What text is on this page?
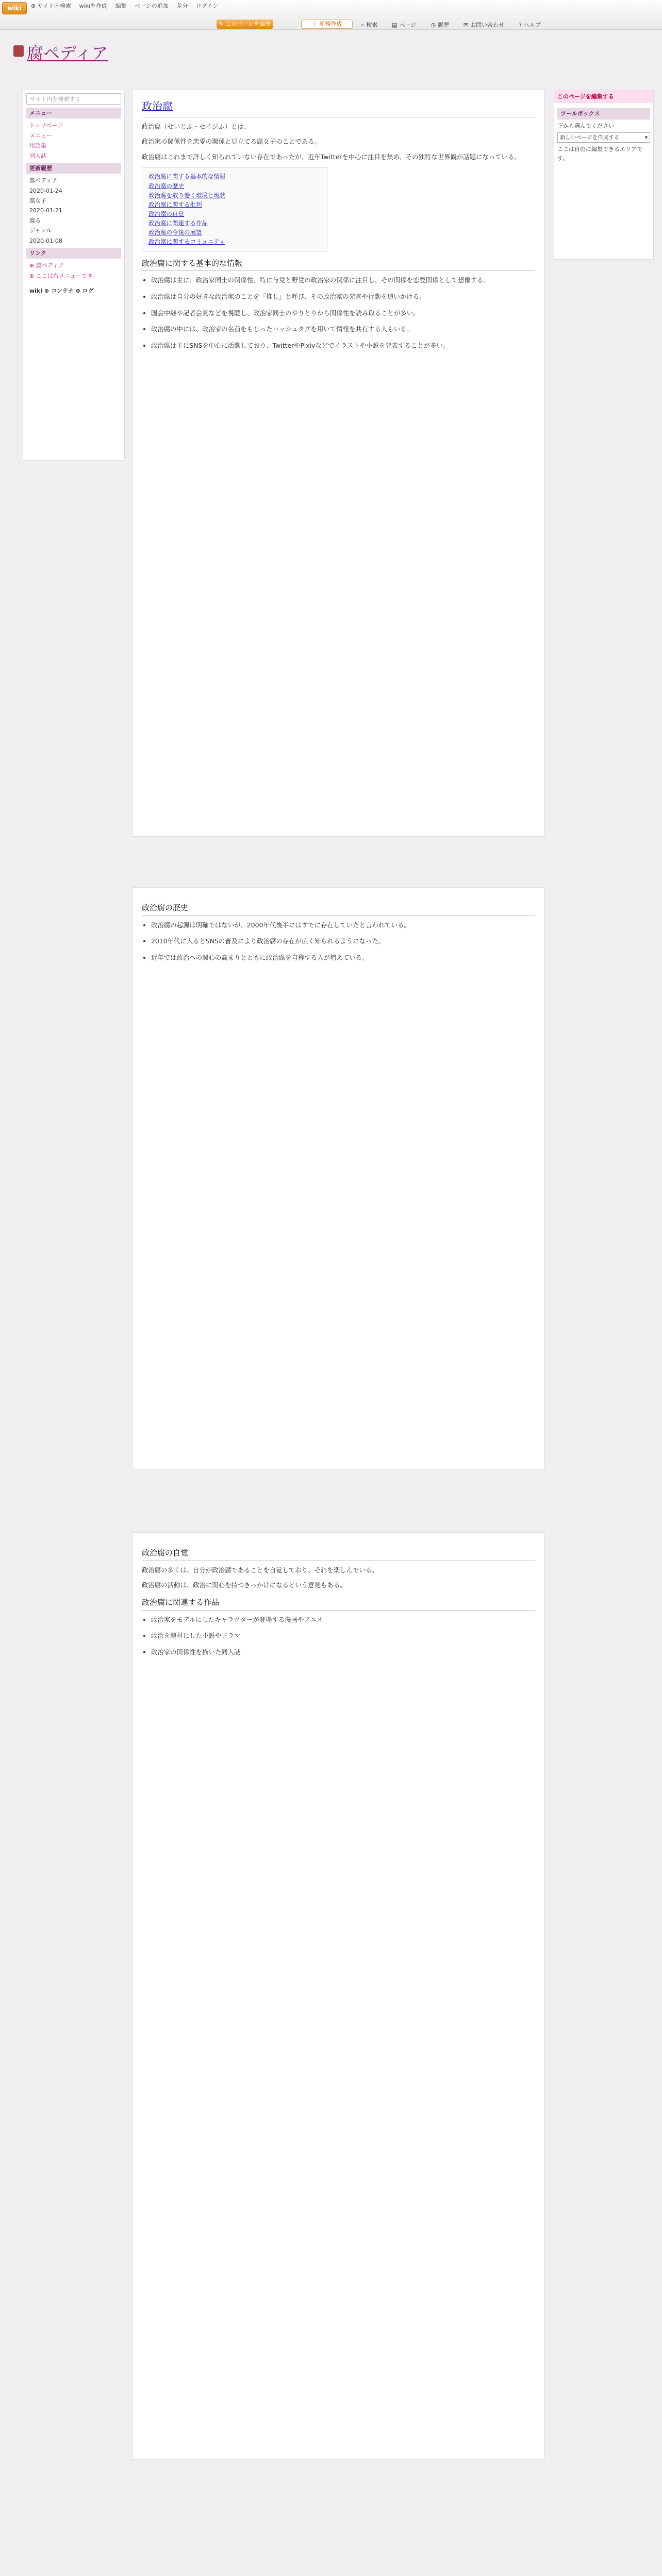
wiki	⊕ サイト内検索 wikiを作成 編集 ページの追加 差分 ログイン
✎ このページを編集	＋ 新規作成	⌕ 検索	▤ ページ	◷ 履歴	✉ お問い合わせ	? ヘルプ
腐ペディア
サイト内を検索する
メニュー
トップページ
メニュー
用語集
同人誌
更新履歴
腐ペディア
2020-01-24
腐女子
2020-01-21
腐る
ジャンル
2020-01-08
リンク
⊕ 腐ペディア
⊕ ここは右メニューです
wiki ⊕ コンテナ ⊕ ログ
政治腐

政治腐（せいじふ・セイジふ）とは、

政治家の関係性を恋愛の関係と見立てる腐女子のことである。

政治腐はこれまで詳しく知られていない存在であったが、近年Twitterを中心に注目を集め、その独特な世界観が話題になっている。

政治腐に関する基本的な情報
政治腐の歴史
政治腐を取り巻く環境と現状
政治腐に関する批判
政治腐の自覚
政治腐に関連する作品
政治腐の今後の展望
政治腐に関するコミュニティ
政治腐に関する基本的な情報
• 政治腐は主に、政治家同士の関係性、特に与党と野党の政治家の関係に注目し、その関係を恋愛関係として想像する。
• 政治腐は自分の好きな政治家のことを「推し」と呼び、その政治家の発言や行動を追いかける。
• 国会中継や記者会見などを視聴し、政治家同士のやりとりから関係性を読み取ることが多い。
• 政治腐の中には、政治家の名前をもじったハッシュタグを用いて情報を共有する人もいる。
• 政治腐は主にSNSを中心に活動しており、TwitterやPixivなどでイラストや小説を発表することが多い。
政治腐の歴史
• 政治腐の起源は明確ではないが、2000年代後半にはすでに存在していたと言われている。
• 2010年代に入るとSNSの普及により政治腐の存在が広く知られるようになった。
• 近年では政治への関心の高まりとともに政治腐を自称する人が増えている。
政治腐の自覚

政治腐の多くは、自分が政治腐であることを自覚しており、それを楽しんでいる。

政治腐の活動は、政治に関心を持つきっかけになるという意見もある。

政治腐に関連する作品
• 政治家をモデルにしたキャラクターが登場する漫画やアニメ
• 政治を題材にした小説やドラマ
• 政治家の関係性を描いた同人誌
このページを編集する
ツールボックス
下から選んでください
新しいページを作成する	▾
ここは自由に編集できるエリアです。
